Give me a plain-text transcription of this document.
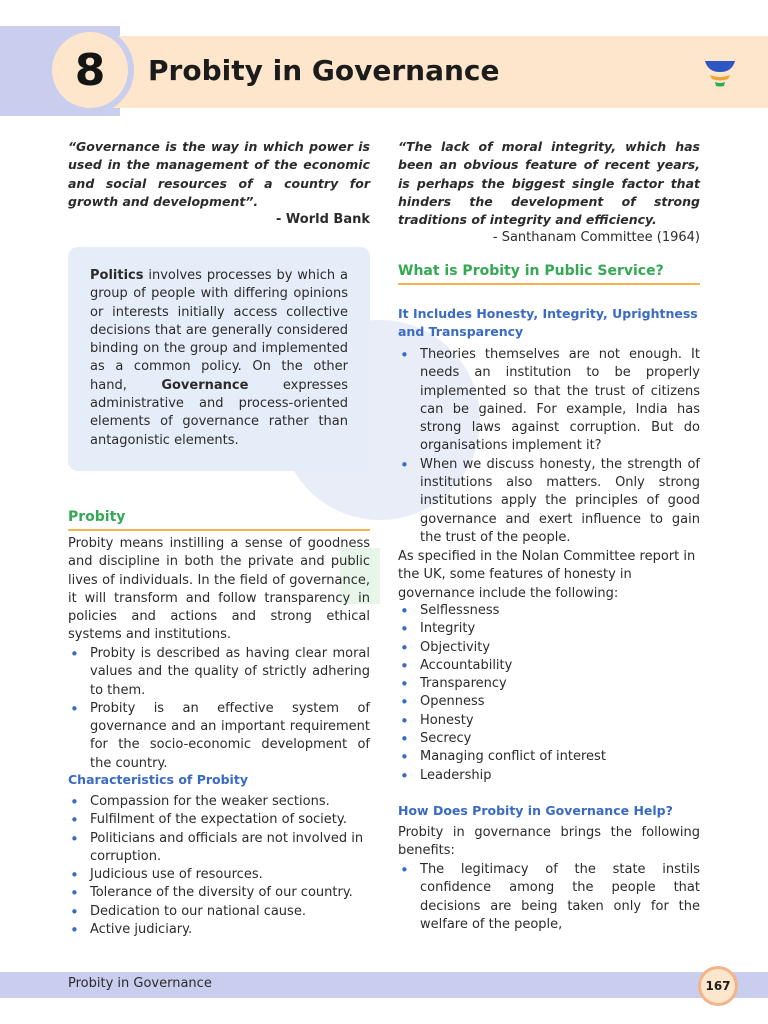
8	Probity in Governance
“Governance is the way in which power is used in the management of the economic and social resources of a country for growth and development”.
- World Bank
Politics involves processes by which a group of people with differing opinions or interests initially access collective decisions that are generally considered binding on the group and implemented as a common policy. On the other hand, Governance expresses administrative and process-oriented elements of governance rather than antagonistic elements.
Probity
Probity means instilling a sense of goodness and discipline in both the private and public lives of individuals. In the field of governance, it will transform and follow transparency in policies and actions and strong ethical systems and institutions.
• Probity is described as having clear moral values and the quality of strictly adhering to them.
• Probity is an effective system of governance and an important requirement for the socio-economic development of the country.
Characteristics of Probity
• Compassion for the weaker sections.
• Fulfilment of the expectation of society.
• Politicians and officials are not involved in corruption.
• Judicious use of resources.
• Tolerance of the diversity of our country.
• Dedication to our national cause.
• Active judiciary.
“The lack of moral integrity, which has been an obvious feature of recent years, is perhaps the biggest single factor that hinders the development of strong traditions of integrity and efficiency.
- Santhanam Committee (1964)
What is Probity in Public Service?
It Includes Honesty, Integrity, Uprightness and Transparency
• Theories themselves are not enough. It needs an institution to be properly implemented so that the trust of citizens can be gained. For example, India has strong laws against corruption. But do organisations implement it?
• When we discuss honesty, the strength of institutions also matters. Only strong institutions apply the principles of good governance and exert influence to gain the trust of the people.
As specified in the Nolan Committee report in the UK, some features of honesty in governance include the following:
• Selflessness
• Integrity
• Objectivity
• Accountability
• Transparency
• Openness
• Honesty
• Secrecy
• Managing conflict of interest
• Leadership
How Does Probity in Governance Help?
Probity in governance brings the following benefits:
• The legitimacy of the state instils confidence among the people that decisions are being taken only for the welfare of the people,
Probity in Governance	167
